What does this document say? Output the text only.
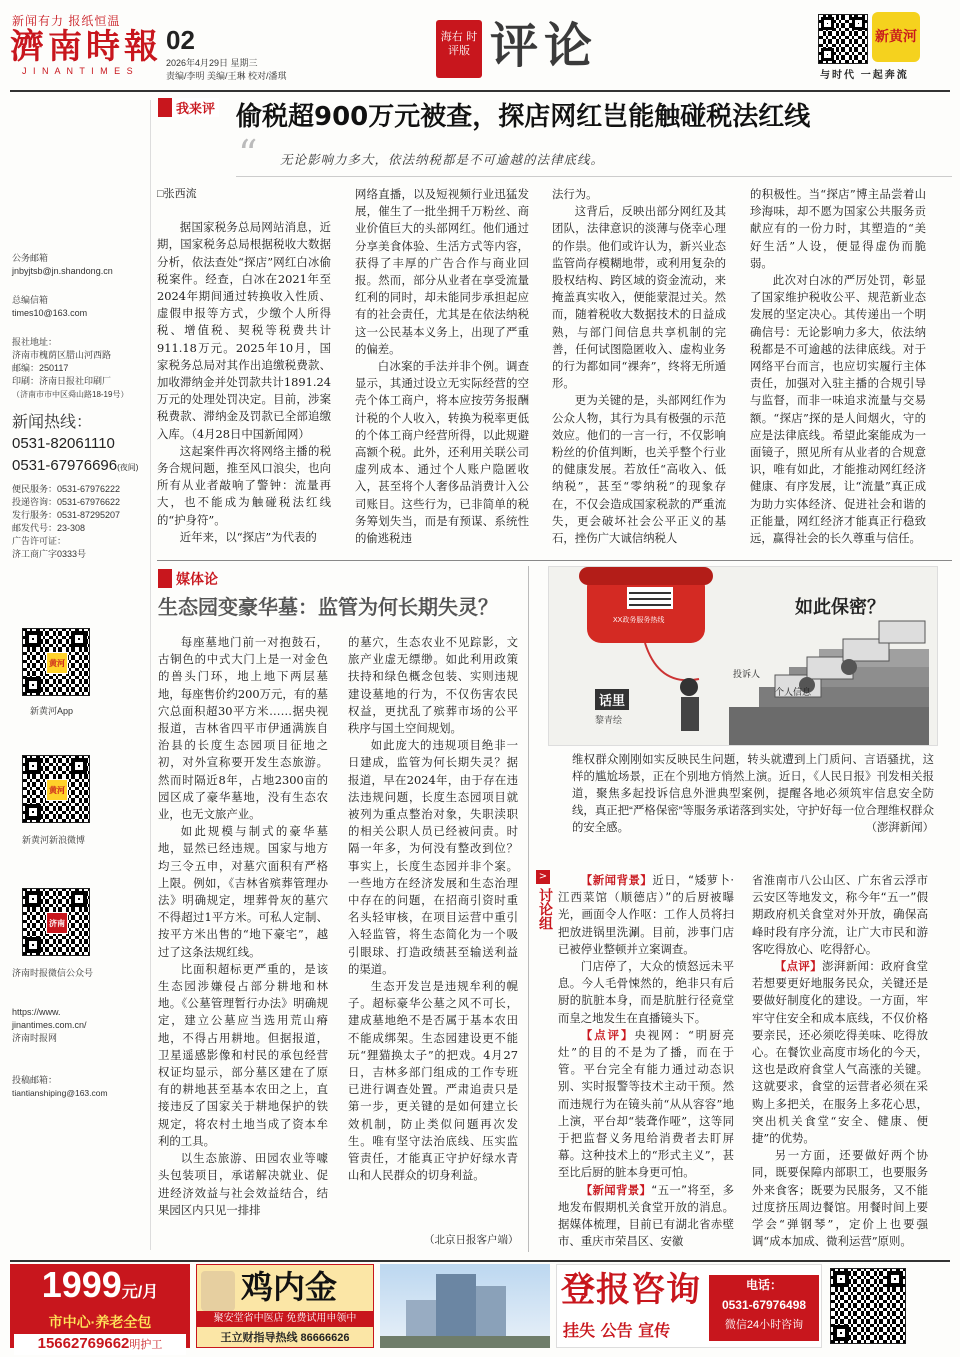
新闻有力 报纸恒温
濟南時報
J I N A N T I M E S
02
2026年4月29日 星期三
责编/李明 美编/王琳 校对/潘琪
海右 时评版 评论	新黄河
与时代 一起奔流
我来评 偷税超900万元被查，探店网红岂能触碰税法红线
“ 无论影响力多大，依法纳税都是不可逾越的法律底线。

□张西流

据国家税务总局网站消息，近期，国家税务总局根据税收大数据分析，依法查处“探店”网红白冰偷税案件。经查，白冰在2021年至2024年期间通过转换收入性质、虚假申报等方式，少缴个人所得税、增值税、契税等税费共计911.18万元。2025年10月，国家税务总局对其作出追缴税费款、加收滞纳金并处罚款共计1891.24万元的处理处罚决定。目前，涉案税费款、滞纳金及罚款已全部追缴入库。（4月28日中国新闻网）

这起案件再次将网络主播的税务合规问题，推至风口浪尖，也向所有从业者敲响了警钟：流量再大，也不能成为触碰税法红线的“护身符”。

近年来，以“探店”为代表的

网络直播，以及短视频行业迅猛发展，催生了一批坐拥千万粉丝、商业价值巨大的头部网红。他们通过分享美食体验、生活方式等内容，获得了丰厚的广告合作与商业回报。然而，部分从业者在享受流量红利的同时，却未能同步承担起应有的社会责任，尤其是在依法纳税这一公民基本义务上，出现了严重的偏差。

白冰案的手法并非个例。调查显示，其通过设立无实际经营的空壳个体工商户，将本应按劳务报酬计税的个人收入，转换为税率更低的个体工商户经营所得，以此规避高额个税。此外，还利用关联公司虚列成本、通过个人账户隐匿收入，甚至将个人奢侈品消费计入公司账目。这些行为，已非简单的税务筹划失当，而是有预谋、系统性的偷逃税违

法行为。

这背后，反映出部分网红及其团队，法律意识的淡薄与侥幸心理的作祟。他们或许认为，新兴业态监管尚存模糊地带，或利用复杂的股权结构、跨区域的资金流动，来掩盖真实收入，便能蒙混过关。然而，随着税收大数据技术的日益成熟，与部门间信息共享机制的完善，任何试图隐匿收入、虚构业务的行为都如同“裸奔”，终将无所遁形。

更为关键的是，头部网红作为公众人物，其行为具有极强的示范效应。他们的一言一行，不仅影响粉丝的价值判断，也关乎整个行业的健康发展。若放任“高收入、低纳税”，甚至“零纳税”的现象存在，不仅会造成国家税款的严重流失，更会破坏社会公平正义的基石，挫伤广大诚信纳税人

的积极性。当“探店”博主品尝着山珍海味，却不愿为国家公共服务贡献应有的一份力时，其塑造的“美好生活”人设，便显得虚伪而脆弱。

此次对白冰的严厉处罚，彰显了国家维护税收公平、规范新业态发展的坚定决心。其传递出一个明确信号：无论影响力多大，依法纳税都是不可逾越的法律底线。对于网络平台而言，也应切实履行主体责任，加强对入驻主播的合规引导与监督，而非一味追求流量与交易额。“探店”探的是人间烟火，守的应是法律底线。希望此案能成为一面镜子，照见所有从业者的合规意识，唯有如此，才能推动网红经济健康、有序发展，让“流量”真正成为助力实体经济、促进社会和谐的正能量，网红经济才能真正行稳致远，赢得社会的长久尊重与信任。

公务邮箱
jnbyjtsb@jn.shandong.cn
总编信箱
times10@163.com
报社地址：
济南市槐荫区腊山河西路
邮编：250117
印刷：济南日报社印刷厂
（济南市市中区舜山路18-19号）
新闻热线：
0531-82061110
0531-67976696(夜间)
便民服务：0531-67976222
投递咨询：0531-67976622
发行服务：0531-87295207
邮发代号：23-308
广告许可证：
济工商广字0333号
黄河
新黄河App
黄河
新黄河新浪微博
济南
济南时报微信公众号
https://www.
jinantimes.com.cn/
济南时报网
投稿邮箱：
tiantianshiping@163.com
媒体论
生态园变豪华墓：监管为何长期失灵？

每座墓地门前一对抱鼓石，古铜色的中式大门上是一对金色的兽头门环，地上地下两层墓地，每座售价约200万元，有的墓穴总面积超30平方米……据央视报道，吉林省四平市伊通满族自治县的长度生态园项目征地之初，对外宣称要开发生态旅游。然而时隔近8年，占地2300亩的园区成了豪华墓地，没有生态农业，也无文旅产业。

如此规模与制式的豪华墓地，显然已经违规。国家与地方均三令五申，对墓穴面积有严格上限。例如，《吉林省殡葬管理办法》明确规定，埋葬骨灰的墓穴不得超过1平方米。可私人定制、按平方米出售的“地下豪宅”，越过了这条法规红线。

比面积超标更严重的，是该生态园涉嫌侵占部分耕地和林地。《公墓管理暂行办法》明确规定，建立公墓应当选用荒山瘠地，不得占用耕地。但据报道，卫星遥感影像和村民的承包经营权证均显示，部分墓区建在了原有的耕地甚至基本农田之上，直接违反了国家关于耕地保护的铁规定，将农村土地当成了资本牟利的工具。

以生态旅游、田园农业等噱头包装项目，承诺解决就业、促进经济效益与社会效益结合，结果园区内只见一排排

的墓穴，生态农业不见踪影，文旅产业虚无缥缈。如此利用政策扶持和绿色概念包装、实则违规建设墓地的行为，不仅伤害农民权益，更扰乱了殡葬市场的公平秩序与国土空间规划。

如此庞大的违规项目绝非一日建成，监管为何长期失灵？据报道，早在2024年，由于存在违法违规问题，长度生态园项目就被列为重点整治对象，失职渎职的相关公职人员已经被问责。时隔一年多，为何没有整改到位？事实上，长度生态园并非个案。一些地方在经济发展和生态治理中存在的问题，在招商引资时重名头轻审核，在项目运营中重引入轻监管，将生态简化为一个吸引眼球、打造政绩甚至输送利益的渠道。

生态开发岂是违规牟利的幌子。超标豪华公墓之风不可长，建成墓地绝不是否属于基本农田不能成绑架。生态园建设更不能玩“狸猫换太子”的把戏。4月27日，吉林多部门组成的工作专班已进行调查处置。严肃追责只是第一步，更关键的是如何建立长效机制，防止类似问题再次发生。唯有坚守法治底线、压实监管责任，才能真正守护好绿水青山和人民群众的切身利益。

（北京日报客户端）
如此保密？
XX政务服务热线
投诉人
个人信息
话里
黎青绘
维权群众刚刚如实反映民生问题，转头就遭到上门质问、言语骚扰，这样的尴尬场景，正在个别地方悄然上演。近日，《人民日报》刊发相关报道，聚焦多起投诉信息外泄典型案例，提醒各地必须筑牢信息安全防线，真正把“严格保密”等服务承诺落到实处，守护好每一位合理维权群众的安全感。	（澎湃新闻）
>
讨论组

【新闻背景】近日，“矮萝卜·江西菜馆（顺德店）”的后厨被曝光，画面令人作呕：工作人员将扫把放进锅里洗涮。目前，涉事门店已被停业整顿并立案调查。

门店停了，大众的愤怒远未平息。今人毛骨悚然的，绝非只有后厨的肮脏本身，而是肮脏行径竟堂而皇之地发生在直播镜头下。

【点评】央视网：“明厨亮灶”的目的不是为了播，而在于管。平台完全有能力通过动态识别、实时报警等技术主动干预。然而违规行为在镜头前“从从容容”地上演，平台却“装聋作哑”，这等同于把监督义务甩给消费者去盯屏幕。这种技术上的“形式主义”，甚至比后厨的脏本身更可怕。

【新闻背景】“五一”将至，多地发布假期机关食堂开放的消息。据媒体梳理，目前已有湖北省赤壁市、重庆市荣昌区、安徽

省淮南市八公山区、广东省云浮市云安区等地发文，称今年“五一”假期政府机关食堂对外开放，确保高峰时段有序分流，让广大市民和游客吃得放心、吃得舒心。

【点评】澎湃新闻：政府食堂若想要更好地服务民众，关键还是要做好制度化的建设。一方面，牢牢守住安全和成本底线，不仅价格要亲民，还必须吃得美味、吃得放心。在餐饮业高度市场化的今天，这也是政府食堂人气高涨的关键。这就要求，食堂的运营者必须在采购上多把关，在服务上多花心思，突出机关食堂“安全、健康、便捷”的优势。

另一方面，还要做好两个协同，既要保障内部职工，也要服务外来食客；既要为民服务，又不能过度挤压周边餐馆。用餐时间上要学会“弹钢琴”，定价上也要强调“成本加成、微利运营”原则。

1999元/月
市中心·养老全包
15662769662明护工
鸡内金
聚安堂省中医店 免费试用申领中
王立财指导热线 86666626
登报咨询
挂失 公告 宣传
电话：
0531-67976498
微信24小时咨询
